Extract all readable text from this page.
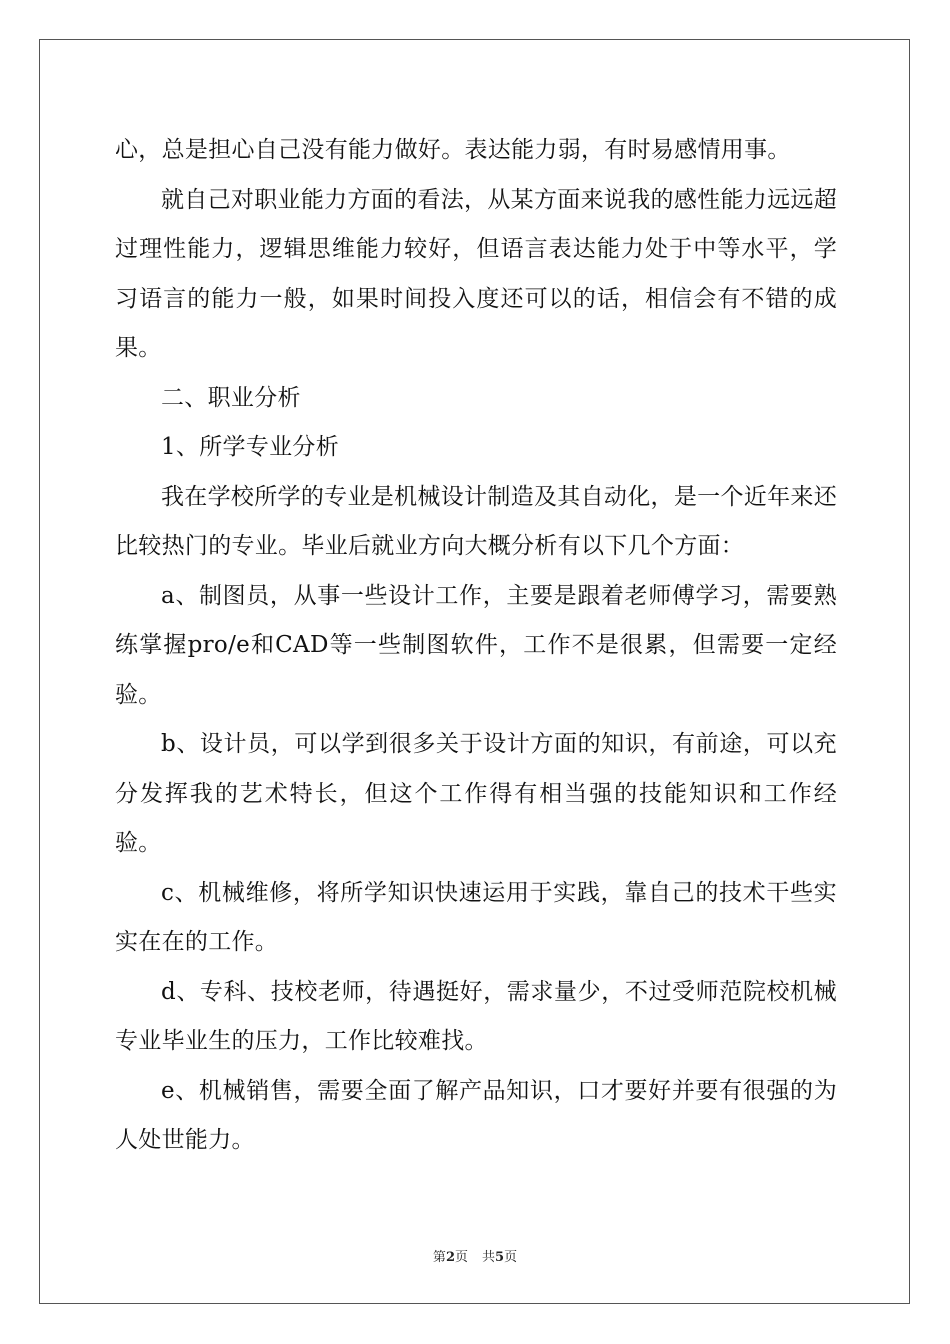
心，总是担心自己没有能力做好。表达能力弱，有时易感情用事。

就自己对职业能力方面的看法，从某方面来说我的感性能力远远超过理性能力，逻辑思维能力较好，但语言表达能力处于中等水平，学习语言的能力一般，如果时间投入度还可以的话，相信会有不错的成果。

二、职业分析

1、所学专业分析

我在学校所学的专业是机械设计制造及其自动化，是一个近年来还比较热门的专业。毕业后就业方向大概分析有以下几个方面：

a、制图员，从事一些设计工作，主要是跟着老师傅学习，需要熟练掌握pro/e和CAD等一些制图软件，工作不是很累，但需要一定经验。

b、设计员，可以学到很多关于设计方面的知识，有前途，可以充分发挥我的艺术特长，但这个工作得有相当强的技能知识和工作经验。

c、机械维修，将所学知识快速运用于实践，靠自己的技术干些实实在在的工作。

d、专科、技校老师，待遇挺好，需求量少，不过受师范院校机械专业毕业生的压力，工作比较难找。

e、机械销售，需要全面了解产品知识，口才要好并要有很强的为人处世能力。

第2页 共5页
